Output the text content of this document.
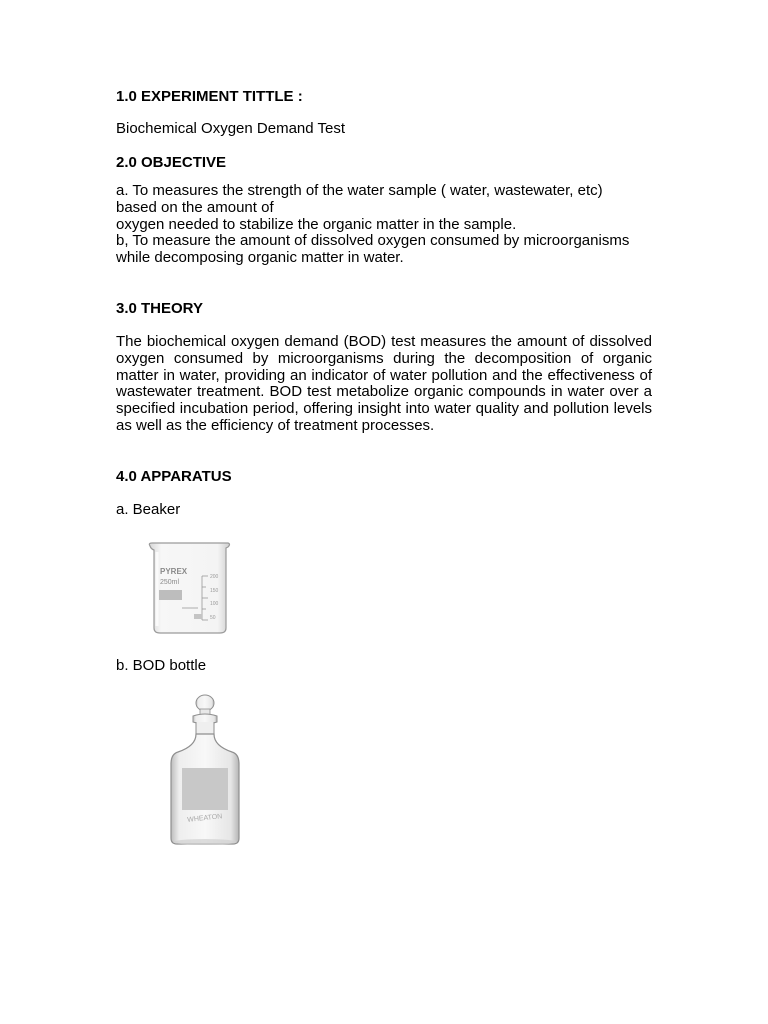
1.0 EXPERIMENT TITTLE :

Biochemical Oxygen Demand Test

2.0 OBJECTIVE
a. To measures the strength of the water sample ( water, wastewater, etc)
based on the amount of
oxygen needed to stabilize the organic matter in the sample.
b, To measure the amount of dissolved oxygen consumed by microorganisms
while decomposing organic matter in water.
3.0 THEORY

The biochemical oxygen demand (BOD) test measures the amount of dissolved oxygen consumed by microorganisms during the decomposition of organic matter in water, providing an indicator of water pollution and the effectiveness of wastewater treatment. BOD test metabolize organic compounds in water over a specified incubation period, offering insight into water quality and pollution levels as well as the efficiency of treatment processes.

4.0 APPARATUS

a. Beaker

PYREX
250ml
200
150
100
50

b. BOD bottle

WHEATON
